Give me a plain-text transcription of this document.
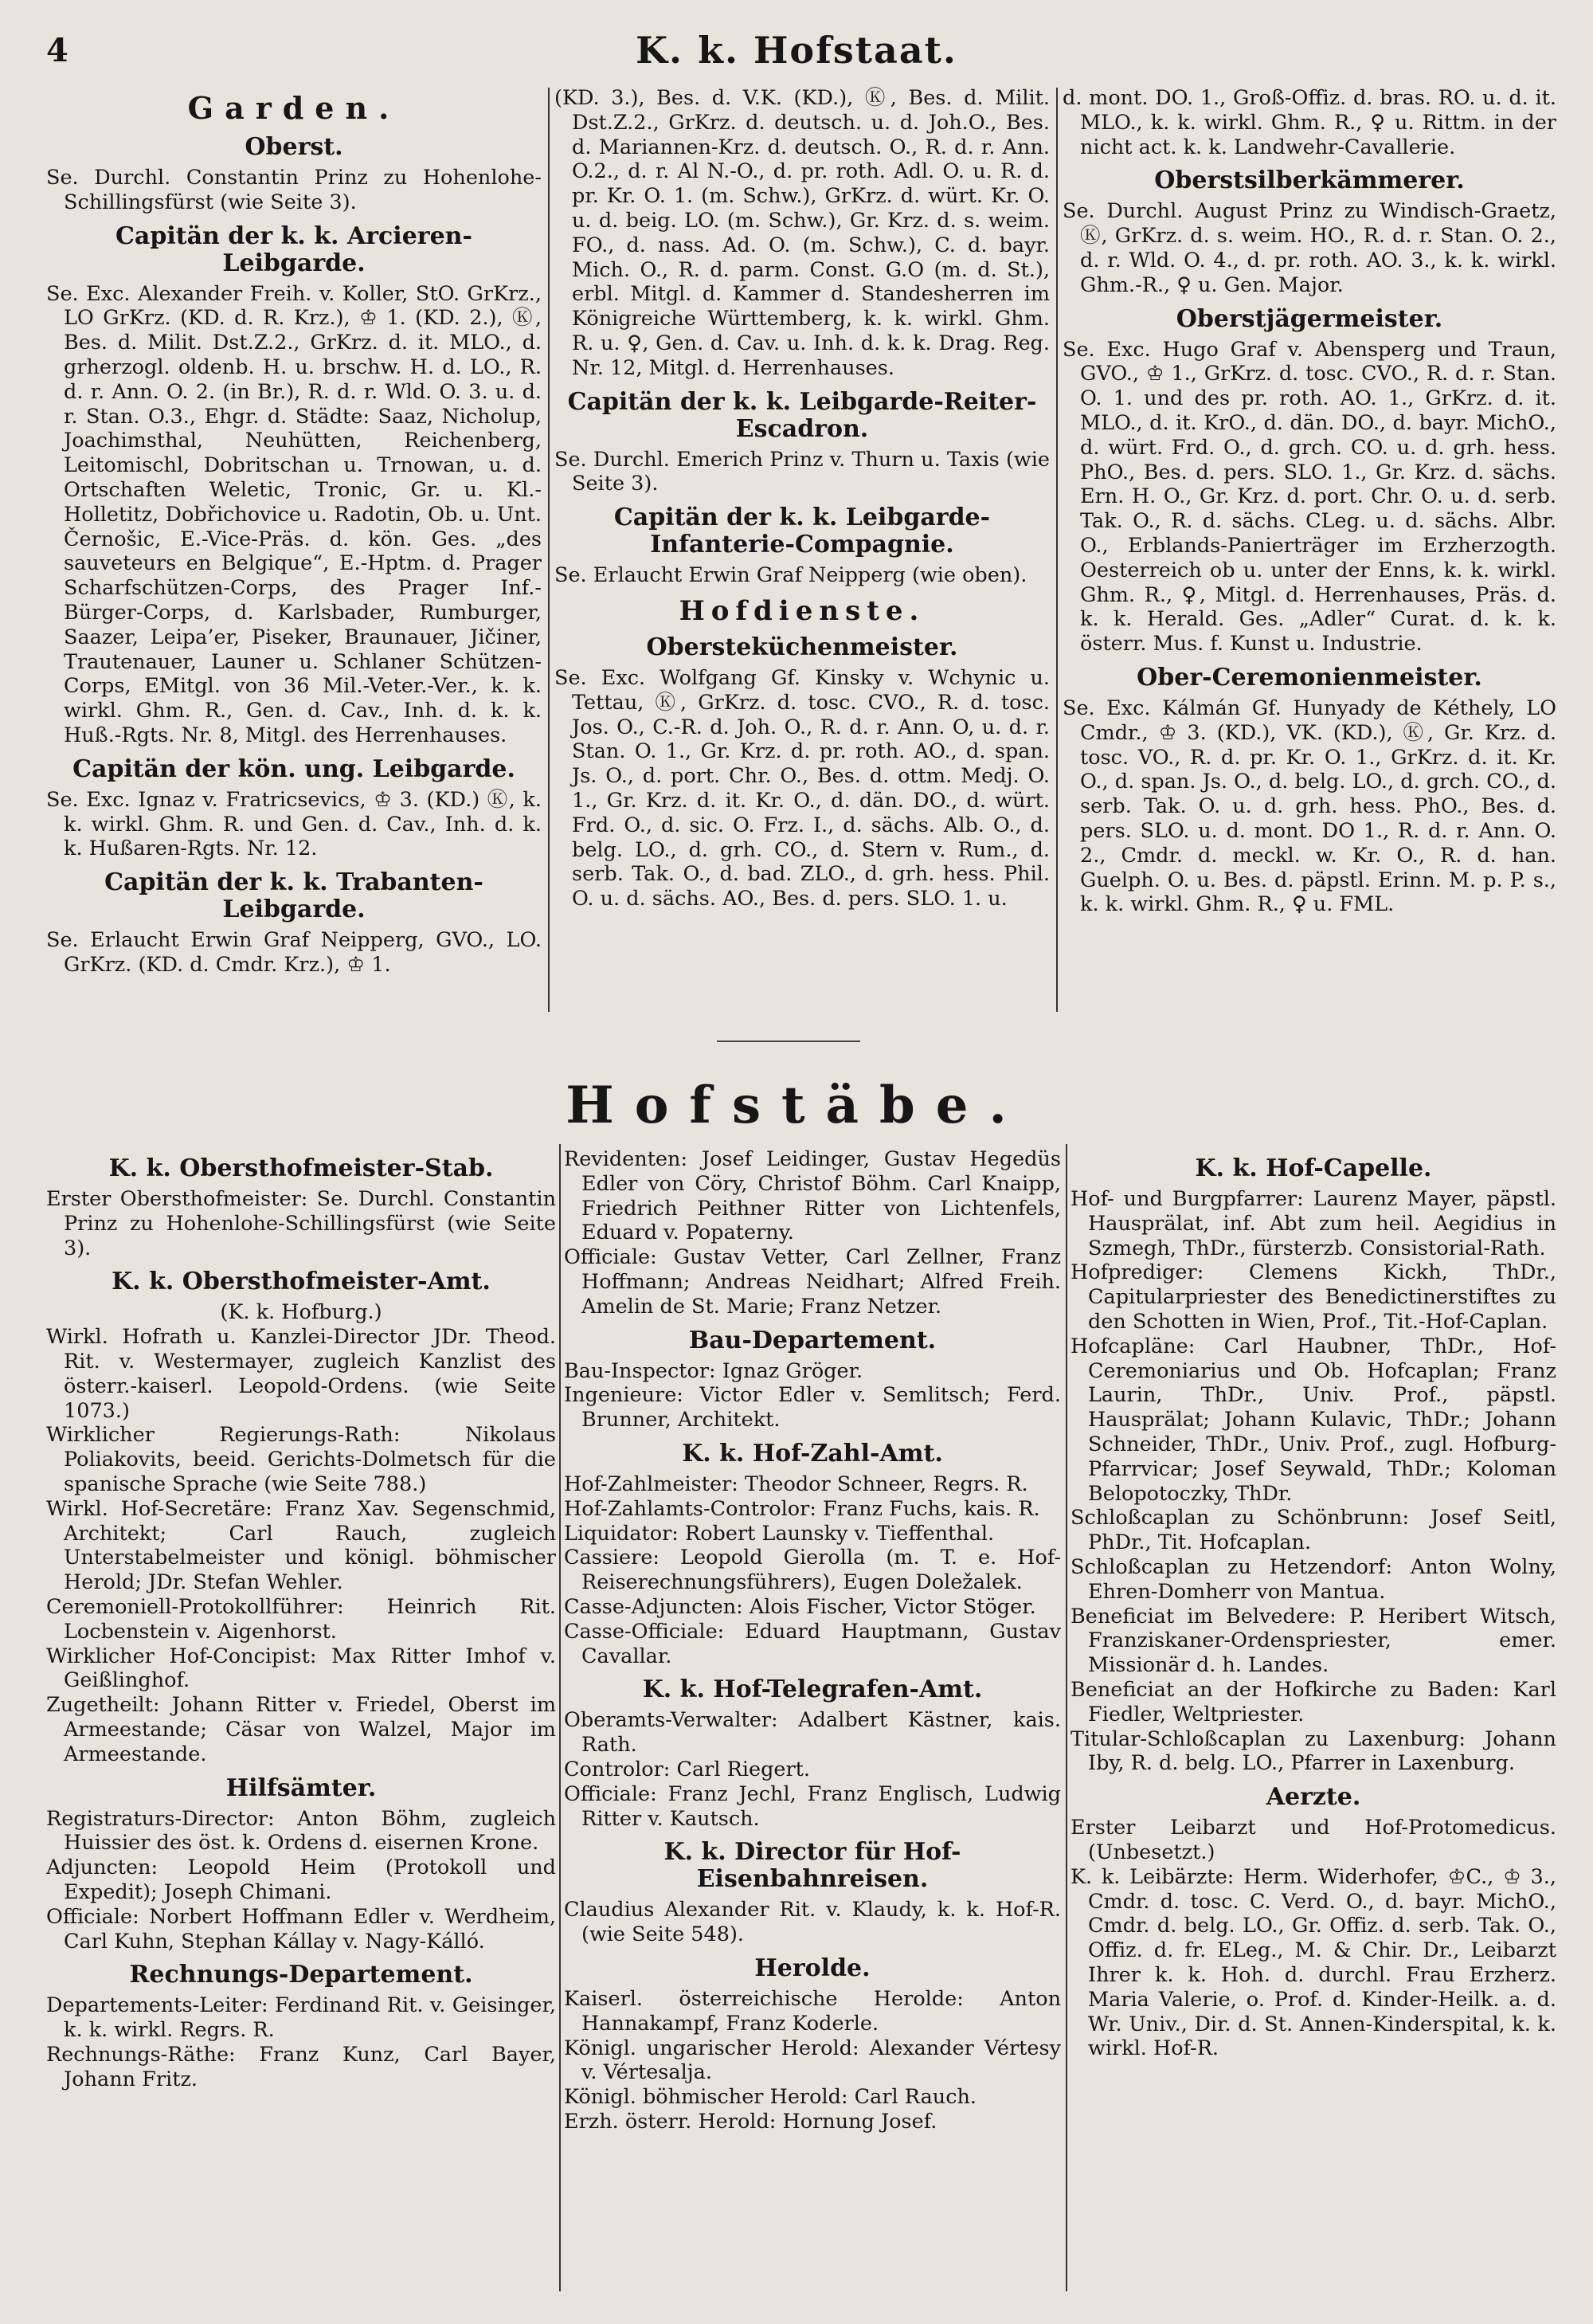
4	K. k. Hofstaat.
Garden.
Oberst.

Se. Durchl. Constantin Prinz zu Hohenlohe-Schillingsfürst (wie Seite 3).

Capitän der k. k. Arcieren-Leibgarde.

Se. Exc. Alexander Freih. v. Koller, StO. GrKrz., LO GrKrz. (KD. d. R. Krz.), ♔ 1. (KD. 2.), Ⓚ, Bes. d. Milit. Dst.Z.2., GrKrz. d. it. MLO., d. grherzogl. oldenb. H. u. brschw. H. d. LO., R. d. r. Ann. O. 2. (in Br.), R. d. r. Wld. O. 3. u. d. r. Stan. O.3., Ehgr. d. Städte: Saaz, Nicholup, Joachimsthal, Neuhütten, Reichenberg, Leitomischl, Dobritschan u. Trnowan, u. d. Ortschaften Weletic, Tronic, Gr. u. Kl.-Holletitz, Dobřichovice u. Radotin, Ob. u. Unt. Černošic, E.-Vice-Präs. d. kön. Ges. „des sauveteurs en Belgique“, E.-Hptm. d. Prager Scharfschützen-Corps, des Prager Inf.-Bürger-Corps, d. Karlsbader, Rumburger, Saazer, Leipa’er, Piseker, Braunauer, Jičiner, Trautenauer, Launer u. Schlaner Schützen-Corps, EMitgl. von 36 Mil.-Veter.-Ver., k. k. wirkl. Ghm. R., Gen. d. Cav., Inh. d. k. k. Huß.-Rgts. Nr. 8, Mitgl. des Herrenhauses.

Capitän der kön. ung. Leibgarde.

Se. Exc. Ignaz v. Fratricsevics, ♔ 3. (KD.) Ⓚ, k. k. wirkl. Ghm. R. und Gen. d. Cav., Inh. d. k. k. Hußaren-Rgts. Nr. 12.

Capitän der k. k. Trabanten-Leibgarde.

Se. Erlaucht Erwin Graf Neipperg, GVO., LO. GrKrz. (KD. d. Cmdr. Krz.), ♔ 1.

(KD. 3.), Bes. d. V.K. (KD.), Ⓚ, Bes. d. Milit. Dst.Z.2., GrKrz. d. deutsch. u. d. Joh.O., Bes. d. Mariannen-Krz. d. deutsch. O., R. d. r. Ann. O.2., d. r. Al N.-O., d. pr. roth. Adl. O. u. R. d. pr. Kr. O. 1. (m. Schw.), GrKrz. d. würt. Kr. O. u. d. beig. LO. (m. Schw.), Gr. Krz. d. s. weim. FO., d. nass. Ad. O. (m. Schw.), C. d. bayr. Mich. O., R. d. parm. Const. G.O (m. d. St.), erbl. Mitgl. d. Kammer d. Standesherren im Königreiche Württemberg, k. k. wirkl. Ghm. R. u. ♀, Gen. d. Cav. u. Inh. d. k. k. Drag. Reg. Nr. 12, Mitgl. d. Herrenhauses.

Capitän der k. k. Leibgarde-Reiter-Escadron.

Se. Durchl. Emerich Prinz v. Thurn u. Taxis (wie Seite 3).

Capitän der k. k. Leibgarde-Infanterie-Compagnie.

Se. Erlaucht Erwin Graf Neipperg (wie oben).

Hofdienste.
Obersteküchenmeister.

Se. Exc. Wolfgang Gf. Kinsky v. Wchynic u. Tettau, Ⓚ, GrKrz. d. tosc. CVO., R. d. tosc. Jos. O., C.-R. d. Joh. O., R. d. r. Ann. O, u. d. r. Stan. O. 1., Gr. Krz. d. pr. roth. AO., d. span. Js. O., d. port. Chr. O., Bes. d. ottm. Medj. O. 1., Gr. Krz. d. it. Kr. O., d. dän. DO., d. würt. Frd. O., d. sic. O. Frz. I., d. sächs. Alb. O., d. belg. LO., d. grh. CO., d. Stern v. Rum., d. serb. Tak. O., d. bad. ZLO., d. grh. hess. Phil. O. u. d. sächs. AO., Bes. d. pers. SLO. 1. u.

d. mont. DO. 1., Groß-Offiz. d. bras. RO. u. d. it. MLO., k. k. wirkl. Ghm. R., ♀ u. Rittm. in der nicht act. k. k. Landwehr-Cavallerie.

Oberstsilberkämmerer.

Se. Durchl. August Prinz zu Windisch-Graetz, Ⓚ, GrKrz. d. s. weim. HO., R. d. r. Stan. O. 2., d. r. Wld. O. 4., d. pr. roth. AO. 3., k. k. wirkl. Ghm.-R., ♀ u. Gen. Major.

Oberstjägermeister.

Se. Exc. Hugo Graf v. Abensperg und Traun, GVO., ♔ 1., GrKrz. d. tosc. CVO., R. d. r. Stan. O. 1. und des pr. roth. AO. 1., GrKrz. d. it. MLO., d. it. KrO., d. dän. DO., d. bayr. MichO., d. würt. Frd. O., d. grch. CO. u. d. grh. hess. PhO., Bes. d. pers. SLO. 1., Gr. Krz. d. sächs. Ern. H. O., Gr. Krz. d. port. Chr. O. u. d. serb. Tak. O., R. d. sächs. CLeg. u. d. sächs. Albr. O., Erblands-Panierträger im Erzherzogth. Oesterreich ob u. unter der Enns, k. k. wirkl. Ghm. R., ♀, Mitgl. d. Herrenhauses, Präs. d. k. k. Herald. Ges. „Adler“ Curat. d. k. k. österr. Mus. f. Kunst u. Industrie.

Ober-Ceremonienmeister.

Se. Exc. Kálmán Gf. Hunyady de Kéthely, LO Cmdr., ♔ 3. (KD.), VK. (KD.), Ⓚ, Gr. Krz. d. tosc. VO., R. d. pr. Kr. O. 1., GrKrz. d. it. Kr. O., d. span. Js. O., d. belg. LO., d. grch. CO., d. serb. Tak. O. u. d. grh. hess. PhO., Bes. d. pers. SLO. u. d. mont. DO 1., R. d. r. Ann. O. 2., Cmdr. d. meckl. w. Kr. O., R. d. han. Guelph. O. u. Bes. d. päpstl. Erinn. M. p. P. s., k. k. wirkl. Ghm. R., ♀ u. FML.

Hofstäbe.
K. k. Obersthofmeister-Stab.

Erster Obersthofmeister: Se. Durchl. Constantin Prinz zu Hohenlohe-Schillingsfürst (wie Seite 3).

K. k. Obersthofmeister-Amt.

(K. k. Hofburg.)

Wirkl. Hofrath u. Kanzlei-Director JDr. Theod. Rit. v. Westermayer, zugleich Kanzlist des österr.-kaiserl. Leopold-Ordens. (wie Seite 1073.)

Wirklicher Regierungs-Rath: Nikolaus Poliakovits, beeid. Gerichts-Dolmetsch für die spanische Sprache (wie Seite 788.)

Wirkl. Hof-Secretäre: Franz Xav. Segenschmid, Architekt; Carl Rauch, zugleich Unterstabelmeister und königl. böhmischer Herold; JDr. Stefan Wehler.

Ceremoniell-Protokollführer: Heinrich Rit. Locbenstein v. Aigenhorst.

Wirklicher Hof-Concipist: Max Ritter Imhof v. Geißlinghof.

Zugetheilt: Johann Ritter v. Friedel, Oberst im Armeestande; Cäsar von Walzel, Major im Armeestande.

Hilfsämter.

Registraturs-Director: Anton Böhm, zugleich Huissier des öst. k. Ordens d. eisernen Krone.

Adjuncten: Leopold Heim (Protokoll und Expedit); Joseph Chimani.

Officiale: Norbert Hoffmann Edler v. Werdheim, Carl Kuhn, Stephan Kállay v. Nagy-Kálló.

Rechnungs-Departement.

Departements-Leiter: Ferdinand Rit. v. Geisinger, k. k. wirkl. Regrs. R.

Rechnungs-Räthe: Franz Kunz, Carl Bayer, Johann Fritz.

Revidenten: Josef Leidinger, Gustav Hegedüs Edler von Cöry, Christof Böhm. Carl Knaipp, Friedrich Peithner Ritter von Lichtenfels, Eduard v. Popaterny.

Officiale: Gustav Vetter, Carl Zellner, Franz Hoffmann; Andreas Neidhart; Alfred Freih. Amelin de St. Marie; Franz Netzer.

Bau-Departement.

Bau-Inspector: Ignaz Gröger.

Ingenieure: Victor Edler v. Semlitsch; Ferd. Brunner, Architekt.

K. k. Hof-Zahl-Amt.

Hof-Zahlmeister: Theodor Schneer, Regrs. R.

Hof-Zahlamts-Controlor: Franz Fuchs, kais. R.

Liquidator: Robert Launsky v. Tieffenthal.

Cassiere: Leopold Gierolla (m. T. e. Hof-Reiserechnungsführers), Eugen Doležalek.

Casse-Adjuncten: Alois Fischer, Victor Stöger.

Casse-Officiale: Eduard Hauptmann, Gustav Cavallar.

K. k. Hof-Telegrafen-Amt.

Oberamts-Verwalter: Adalbert Kästner, kais. Rath.

Controlor: Carl Riegert.

Officiale: Franz Jechl, Franz Englisch, Ludwig Ritter v. Kautsch.

K. k. Director für Hof-Eisenbahnreisen.

Claudius Alexander Rit. v. Klaudy, k. k. Hof-R. (wie Seite 548).

Herolde.

Kaiserl. österreichische Herolde: Anton Hannakampf, Franz Koderle.

Königl. ungarischer Herold: Alexander Vértesy v. Vértesalja.

Königl. böhmischer Herold: Carl Rauch.

Erzh. österr. Herold: Hornung Josef.

K. k. Hof-Capelle.

Hof- und Burgpfarrer: Laurenz Mayer, päpstl. Hausprälat, inf. Abt zum heil. Aegidius in Szmegh, ThDr., fürsterzb. Consistorial-Rath.

Hofprediger: Clemens Kickh, ThDr., Capitularpriester des Benedictinerstiftes zu den Schotten in Wien, Prof., Tit.-Hof-Caplan.

Hofcapläne: Carl Haubner, ThDr., Hof-Ceremoniarius und Ob. Hofcaplan; Franz Laurin, ThDr., Univ. Prof., päpstl. Hausprälat; Johann Kulavic, ThDr.; Johann Schneider, ThDr., Univ. Prof., zugl. Hofburg-Pfarrvicar; Josef Seywald, ThDr.; Koloman Belopotoczky, ThDr.

Schloßcaplan zu Schönbrunn: Josef Seitl, PhDr., Tit. Hofcaplan.

Schloßcaplan zu Hetzendorf: Anton Wolny, Ehren-Domherr von Mantua.

Beneficiat im Belvedere: P. Heribert Witsch, Franziskaner-Ordenspriester, emer. Missionär d. h. Landes.

Beneficiat an der Hofkirche zu Baden: Karl Fiedler, Weltpriester.

Titular-Schloßcaplan zu Laxenburg: Johann Iby, R. d. belg. LO., Pfarrer in Laxenburg.

Aerzte.

Erster Leibarzt und Hof-Protomedicus. (Unbesetzt.)

K. k. Leibärzte: Herm. Widerhofer, ♔C., ♔ 3., Cmdr. d. tosc. C. Verd. O., d. bayr. MichO., Cmdr. d. belg. LO., Gr. Offiz. d. serb. Tak. O., Offiz. d. fr. ELeg., M. & Chir. Dr., Leibarzt Ihrer k. k. Hoh. d. durchl. Frau Erzherz. Maria Valerie, o. Prof. d. Kinder-Heilk. a. d. Wr. Univ., Dir. d. St. Annen-Kinderspital, k. k. wirkl. Hof-R.
